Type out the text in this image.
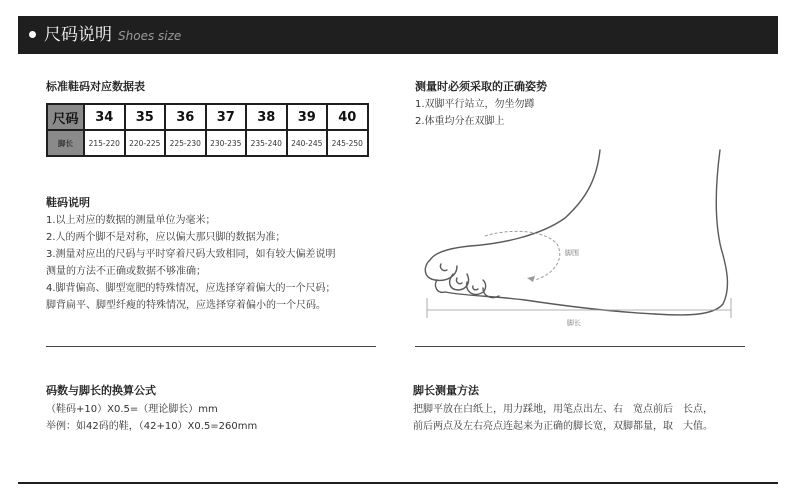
尺码说明 Shoes size
标准鞋码对应数据表
尺码	34	35	36	37	38	39	40
脚长	215-220	220-225	225-230	230-235	235-240	240-245	245-250
测量时必须采取的正确姿势
1.双脚平行站立，勿坐勿蹲
2.体重均分在双脚上
鞋码说明
1.以上对应的数据的测量单位为毫米；
2.人的两个脚不是对称，应以偏大那只脚的数据为准；
3.测量对应出的尺码与平时穿着尺码大致相同，如有较大偏差说明
测量的方法不正确或数据不够准确；
4.脚背偏高、脚型宽肥的特殊情况，应选择穿着偏大的一个尺码；
脚背扁平、脚型纤瘦的特殊情况，应选择穿着偏小的一个尺码。
脚围
脚长
码数与脚长的换算公式
（鞋码+10）X0.5=（理论脚长）mm
举例：如42码的鞋，（42+10）X0.5=260mm
脚长测量方法
把脚平放在白纸上，用力踩地，用笔点出左、右　宽点前后　长点，
前后两点及左右亮点连起来为正确的脚长宽，双脚都量，取　大值。
